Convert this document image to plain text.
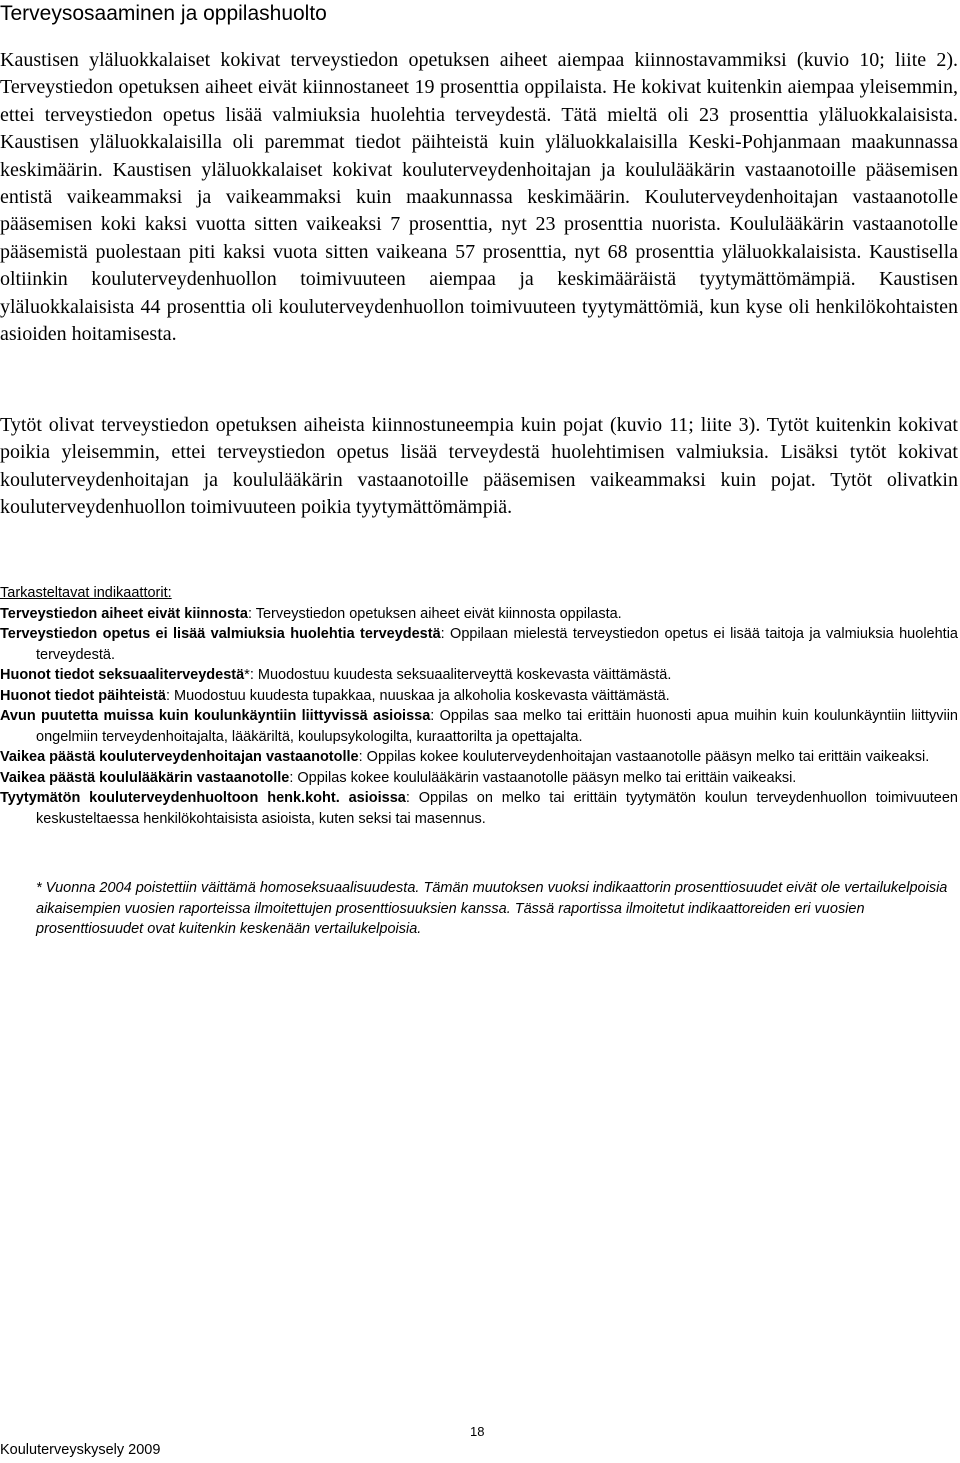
Terveysosaaminen ja oppilashuolto

Kaustisen yläluokkalaiset kokivat terveystiedon opetuksen aiheet aiempaa kiinnostavammiksi (kuvio 10; liite 2). Terveystiedon opetuksen aiheet eivät kiinnostaneet 19 prosenttia oppilaista. He kokivat kuitenkin aiempaa yleisemmin, ettei terveystiedon opetus lisää valmiuksia huolehtia terveydestä. Tätä mieltä oli 23 prosenttia yläluokkalaisista. Kaustisen yläluokkalaisilla oli paremmat tiedot päihteistä kuin yläluokkalaisilla Keski-Pohjanmaan maakunnassa keskimäärin. Kaustisen yläluokkalaiset kokivat kouluterveydenhoitajan ja koululääkärin vastaanotoille pääsemisen entistä vaikeammaksi ja vaikeammaksi kuin maakunnassa keskimäärin. Kouluterveydenhoitajan vastaanotolle pääsemisen koki kaksi vuotta sitten vaikeaksi 7 prosenttia, nyt 23 prosenttia nuorista. Koululääkärin vastaanotolle pääsemistä puolestaan piti kaksi vuota sitten vaikeana 57 prosenttia, nyt 68 prosenttia yläluokkalaisista. Kaustisella oltiinkin kouluterveydenhuollon toimivuuteen aiempaa ja keskimääräistä tyytymättömämpiä. Kaustisen yläluokkalaisista 44 prosenttia oli kouluterveydenhuollon toimivuuteen tyytymättömiä, kun kyse oli henkilökohtaisten asioiden hoitamisesta.

Tytöt olivat terveystiedon opetuksen aiheista kiinnostuneempia kuin pojat (kuvio 11; liite 3). Tytöt kuitenkin kokivat poikia yleisemmin, ettei terveystiedon opetus lisää terveydestä huolehtimisen valmiuksia. Lisäksi tytöt kokivat kouluterveydenhoitajan ja koululääkärin vastaanotoille pääsemisen vaikeammaksi kuin pojat. Tytöt olivatkin kouluterveydenhuollon toimivuuteen poikia tyytymättömämpiä.

Tarkasteltavat indikaattorit:

Terveystiedon aiheet eivät kiinnosta: Terveystiedon opetuksen aiheet eivät kiinnosta oppilasta.

Terveystiedon opetus ei lisää valmiuksia huolehtia terveydestä: Oppilaan mielestä terveystiedon opetus ei lisää taitoja ja valmiuksia huolehtia terveydestä.

Huonot tiedot seksuaaliterveydestä*: Muodostuu kuudesta seksuaaliterveyttä koskevasta väittämästä.

Huonot tiedot päihteistä: Muodostuu kuudesta tupakkaa, nuuskaa ja alkoholia koskevasta väittämästä.

Avun puutetta muissa kuin koulunkäyntiin liittyvissä asioissa: Oppilas saa melko tai erittäin huonosti apua muihin kuin koulunkäyntiin liittyviin ongelmiin terveydenhoitajalta, lääkäriltä, koulupsykologilta, kuraattorilta ja opettajalta.

Vaikea päästä kouluterveydenhoitajan vastaanotolle: Oppilas kokee kouluterveydenhoitajan vastaanotolle pääsyn melko tai erittäin vaikeaksi.

Vaikea päästä koululääkärin vastaanotolle: Oppilas kokee koululääkärin vastaanotolle pääsyn melko tai erittäin vaikeaksi.

Tyytymätön kouluterveydenhuoltoon henk.koht. asioissa: Oppilas on melko tai erittäin tyytymätön koulun terveydenhuollon toimivuuteen keskusteltaessa henkilökohtaisista asioista, kuten seksi tai masennus.

* Vuonna 2004 poistettiin väittämä homoseksuaalisuudesta. Tämän muutoksen vuoksi indikaattorin prosenttiosuudet eivät ole vertailukelpoisia aikaisempien vuosien raporteissa ilmoitettujen prosenttiosuuksien kanssa. Tässä raportissa ilmoitetut indikaattoreiden eri vuosien prosenttiosuudet ovat kuitenkin keskenään vertailukelpoisia.

18
Kouluterveyskysely 2009
